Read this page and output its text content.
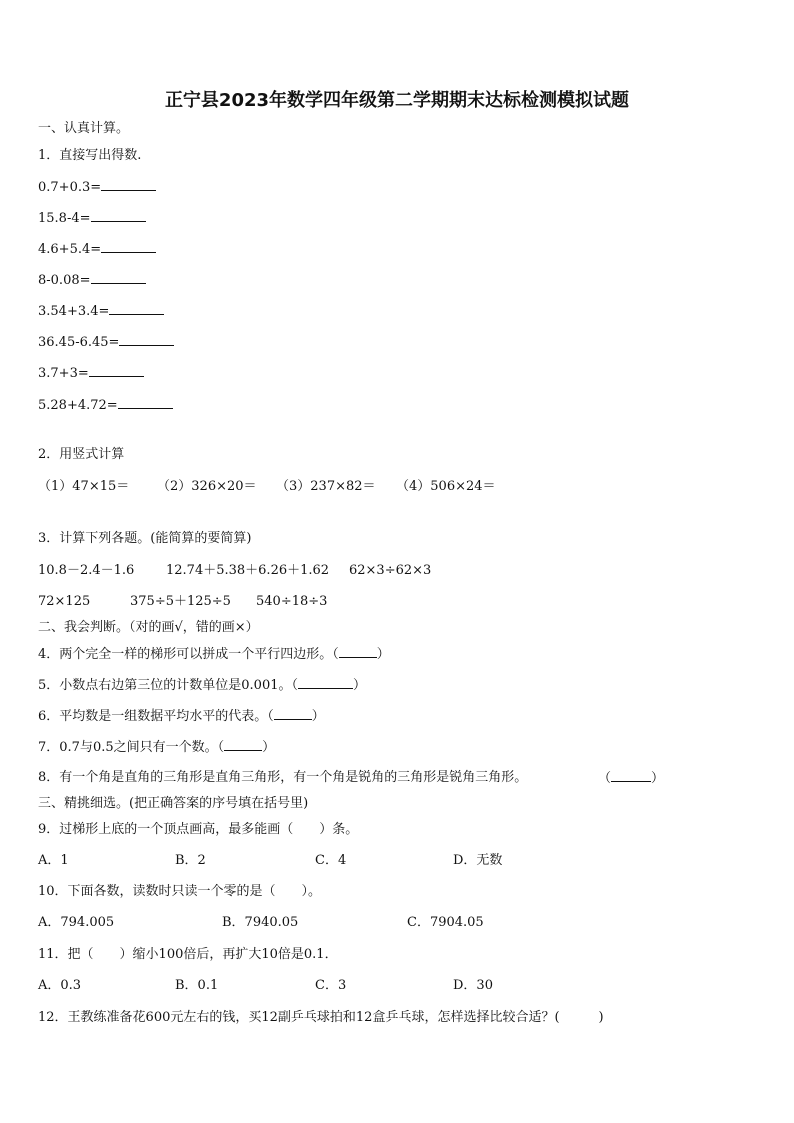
正宁县2023年数学四年级第二学期期末达标检测模拟试题
一、认真计算。
1．直接写出得数.
0.7+0.3=
15.8-4=
4.6+5.4=
8-0.08=
3.54+3.4=
36.45-6.45=
3.7+3=
5.28+4.72=
2．用竖式计算
（1）47×15＝ （2）326×20＝ （3）237×82＝ （4）506×24＝
3．计算下列各题。(能简算的要简算)
10.8－2.4－1.6 12.74＋5.38＋6.26＋1.62 62×3÷62×3
72×125	375÷5＋125÷5 540÷18÷3
二、我会判断。（对的画√，错的画×）
4．两个完全一样的梯形可以拼成一个平行四边形。（	）
5．小数点右边第三位的计数单位是0.001。（	）
6．平均数是一组数据平均水平的代表。（	）
7．0.7与0.5之间只有一个数。（	）
8．有一个角是直角的三角形是直角三角形，有一个角是锐角的三角形是锐角三角形。	（	）
三、精挑细选。(把正确答案的序号填在括号里)
9．过梯形上底的一个顶点画高，最多能画（　　）条。
A．1	B．2	C．4	D．无数
10．下面各数，读数时只读一个零的是（　　）。
A．794.005	B．7940.05	C．7904.05
11．把（　　）缩小100倍后，再扩大10倍是0.1．
A．0.3	B．0.1	C．3	D．30
12．王教练准备花600元左右的钱，买12副乒乓球拍和12盒乒乓球，怎样选择比较合适？(　　　)
